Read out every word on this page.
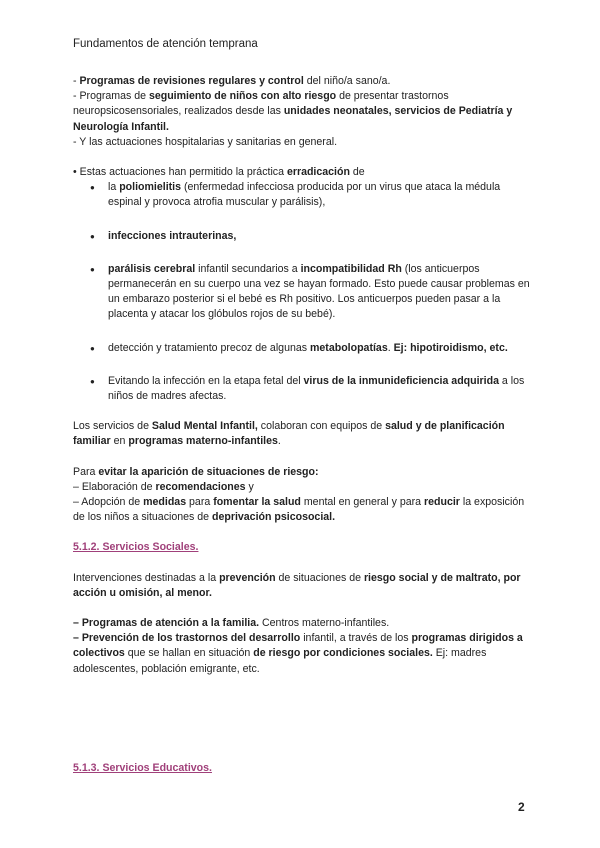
Fundamentos de atención temprana

- Programas de revisiones regulares y control del niño/a sano/a.

- Programas de seguimiento de niños con alto riesgo de presentar trastornos neuropsicosensoriales, realizados desde las unidades neonatales, servicios de Pediatría y Neurología Infantil.

- Y las actuaciones hospitalarias y sanitarias en general.

• Estas actuaciones han permitido la práctica erradicación de

● la poliomielitis (enfermedad infecciosa producida por un virus que ataca la médula espinal y provoca atrofia muscular y parálisis),
● infecciones intrauterinas,
● parálisis cerebral infantil secundarios a incompatibilidad Rh (los anticuerpos permanecerán en su cuerpo una vez se hayan formado. Esto puede causar problemas en un embarazo posterior si el bebé es Rh positivo. Los anticuerpos pueden pasar a la placenta y atacar los glóbulos rojos de su bebé).
● detección y tratamiento precoz de algunas metabolopatías. Ej: hipotiroidismo, etc.
● Evitando la infección en la etapa fetal del virus de la inmunideficiencia adquirida a los niños de madres afectas.

Los servicios de Salud Mental Infantil, colaboran con equipos de salud y de planificación familiar en programas materno-infantiles.

Para evitar la aparición de situaciones de riesgo:

– Elaboración de recomendaciones y

– Adopción de medidas para fomentar la salud mental en general y para reducir la exposición de los niños a situaciones de deprivación psicosocial.

5.1.2. Servicios Sociales.

Intervenciones destinadas a la prevención de situaciones de riesgo social y de maltrato, por acción u omisión, al menor.

– Programas de atención a la familia. Centros materno-infantiles.

– Prevención de los trastornos del desarrollo infantil, a través de los programas dirigidos a colectivos que se hallan en situación de riesgo por condiciones sociales. Ej: madres adolescentes, población emigrante, etc.

5.1.3. Servicios Educativos.

2
